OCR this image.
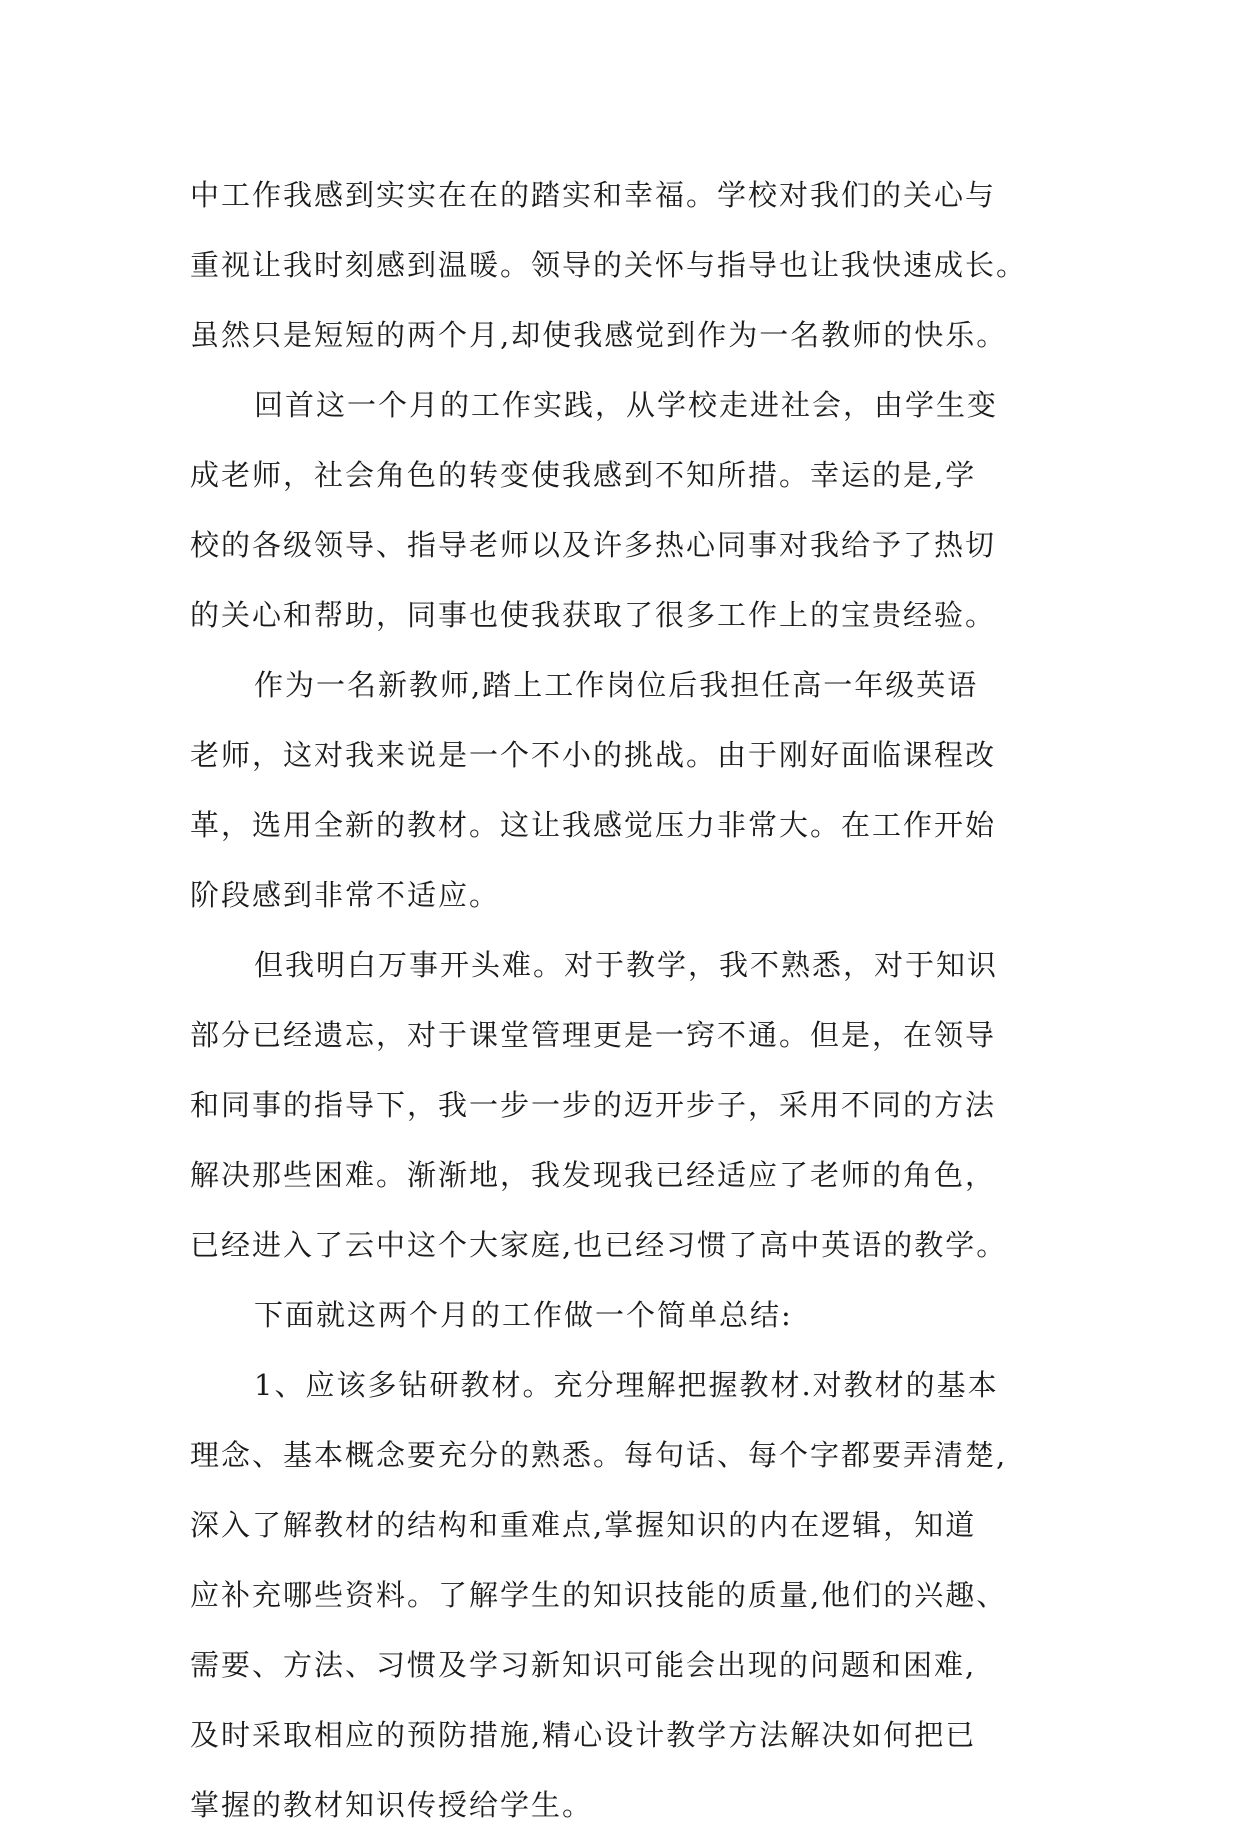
中工作我感到实实在在的踏实和幸福。学校对我们的关心与
重视让我时刻感到温暖。领导的关怀与指导也让我快速成长。
虽然只是短短的两个月,却使我感觉到作为一名教师的快乐。
回首这一个月的工作实践，从学校走进社会，由学生变
成老师，社会角色的转变使我感到不知所措。幸运的是,学
校的各级领导、指导老师以及许多热心同事对我给予了热切
的关心和帮助，同事也使我获取了很多工作上的宝贵经验。
作为一名新教师,踏上工作岗位后我担任高一年级英语
老师，这对我来说是一个不小的挑战。由于刚好面临课程改
革，选用全新的教材。这让我感觉压力非常大。在工作开始
阶段感到非常不适应。
但我明白万事开头难。对于教学，我不熟悉，对于知识
部分已经遗忘，对于课堂管理更是一窍不通。但是，在领导
和同事的指导下，我一步一步的迈开步子，采用不同的方法
解决那些困难。渐渐地，我发现我已经适应了老师的角色，
已经进入了云中这个大家庭,也已经习惯了高中英语的教学。
下面就这两个月的工作做一个简单总结:
1、应该多钻研教材。充分理解把握教材.对教材的基本
理念、基本概念要充分的熟悉。每句话、每个字都要弄清楚,
深入了解教材的结构和重难点,掌握知识的内在逻辑，知道
应补充哪些资料。了解学生的知识技能的质量,他们的兴趣、
需要、方法、习惯及学习新知识可能会出现的问题和困难,
及时采取相应的预防措施,精心设计教学方法解决如何把已
掌握的教材知识传授给学生。
